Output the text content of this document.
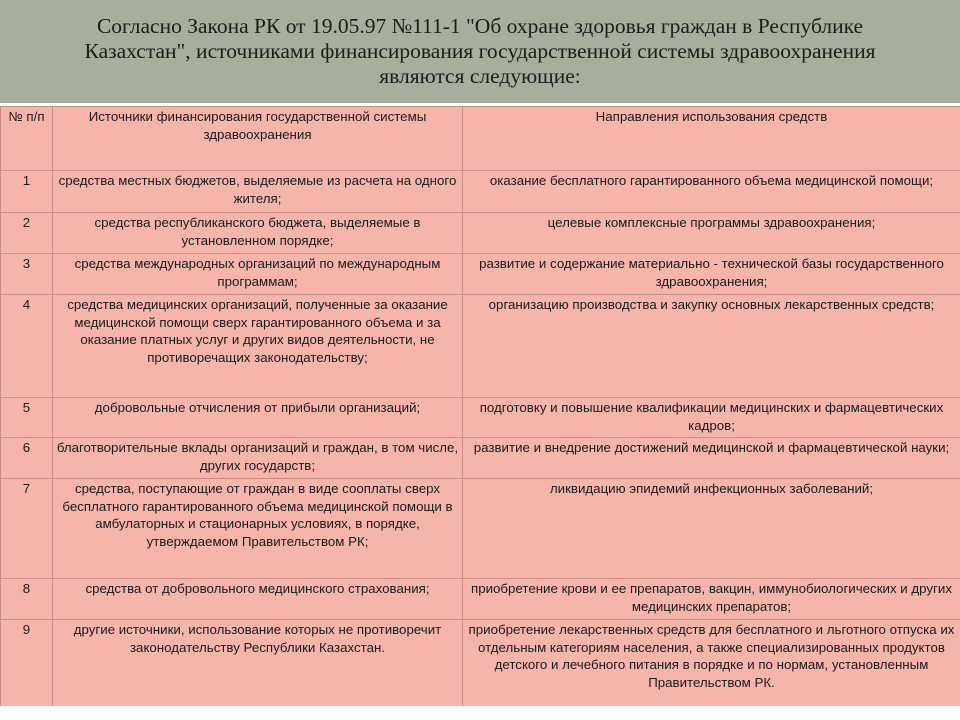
Согласно Закона РК от 19.05.97 №111-1 "Об охране здоровья граждан в Республике
Казахстан", источниками финансирования государственной системы здравоохранения
являются следующие:
№ п/п	Источники финансирования государственной системы здравоохранения	Направления использования средств
1	средства местных бюджетов, выделяемые из расчета на одного жителя;	оказание бесплатного гарантированного объема медицинской помощи;
2	средства республиканского бюджета, выделяемые в установленном порядке;	целевые комплексные программы здравоохранения;
3	средства международных организаций по международным программам;	развитие и содержание материально - технической базы государственного здравоохранения;
4	средства медицинских организаций, полученные за оказание медицинской помощи сверх гарантированного объема и за оказание платных услуг и других видов деятельности, не противоречащих законодательству;	организацию производства и закупку основных лекарственных средств;
5	добровольные отчисления от прибыли организаций;	подготовку и повышение квалификации медицинских и фармацевтических кадров;
6	благотворительные вклады организаций и граждан, в том числе, других государств;	развитие и внедрение достижений медицинской и фармацевтической науки;
7	средства, поступающие от граждан в виде сооплаты сверх бесплатного гарантированного объема медицинской помощи в амбулаторных и стационарных условиях, в порядке, утверждаемом Правительством РК;	ликвидацию эпидемий инфекционных заболеваний;
8	средства от добровольного медицинского страхования;	приобретение крови и ее препаратов, вакцин, иммунобиологических и других медицинских препаратов;
9	другие источники, использование которых не противоречит законодательству Республики Казахстан.	приобретение лекарственных средств для бесплатного и льготного отпуска их отдельным категориям населения, а также специализированных продуктов детского и лечебного питания в порядке и по нормам, установленным Правительством РК.
